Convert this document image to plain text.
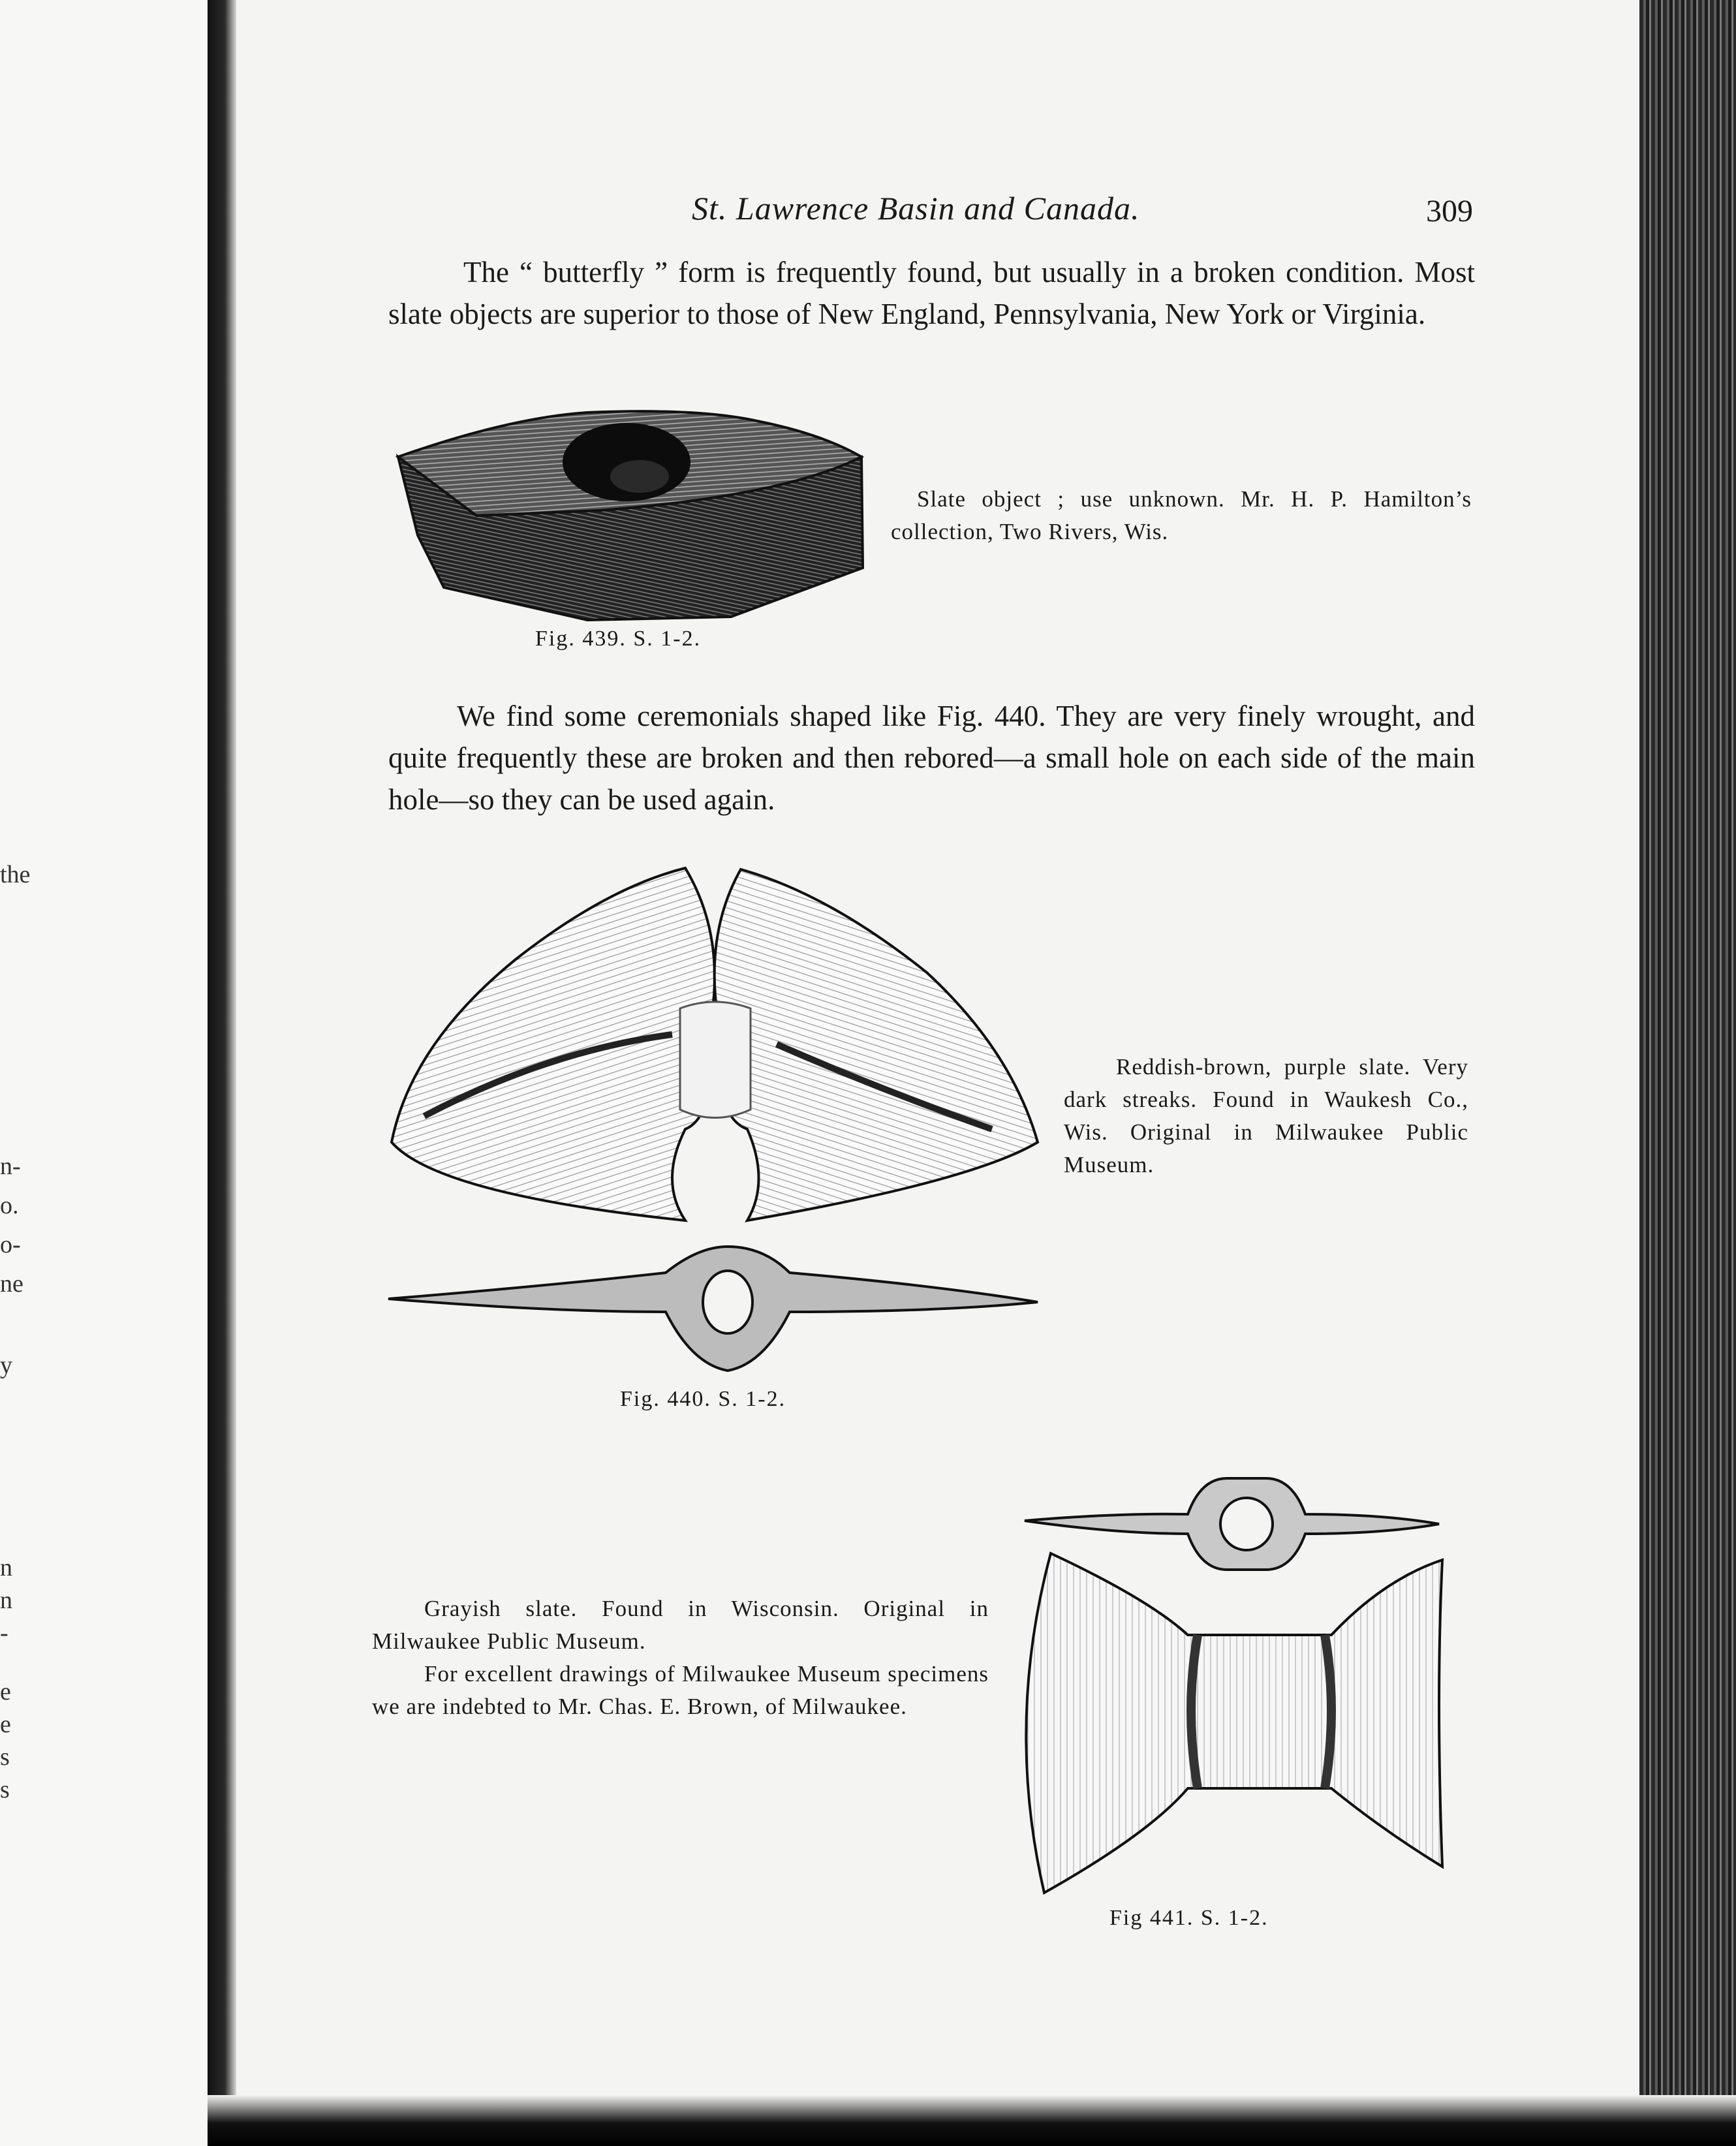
the
n-
o.
o-
ne
y
n
n
-
e
e
s
s
St. Lawrence Basin and Canada.	309
The “ butterfly ” form is frequently found, but usually in a broken condition. Most slate objects are superior to those of New England, Pennsylvania, New York or Virginia.
We find some ceremonials shaped like Fig. 440. They are very finely wrought, and quite frequently these are broken and then rebored—a small hole on each side of the main hole—so they can be used again.
Slate object ; use unknown. Mr. H. P. Hamilton’s collection, Two Rivers, Wis.
Fig. 439. S. 1-2.
Reddish-brown, purple slate. Very dark streaks. Found in Waukesh Co., Wis. Original in Milwaukee Public Museum.
Fig. 440. S. 1-2.

Grayish slate. Found in Wisconsin. Original in Milwaukee Public Museum.

For excellent drawings of Milwaukee Museum specimens we are indebted to Mr. Chas. E. Brown, of Milwaukee.

Fig 441. S. 1-2.
